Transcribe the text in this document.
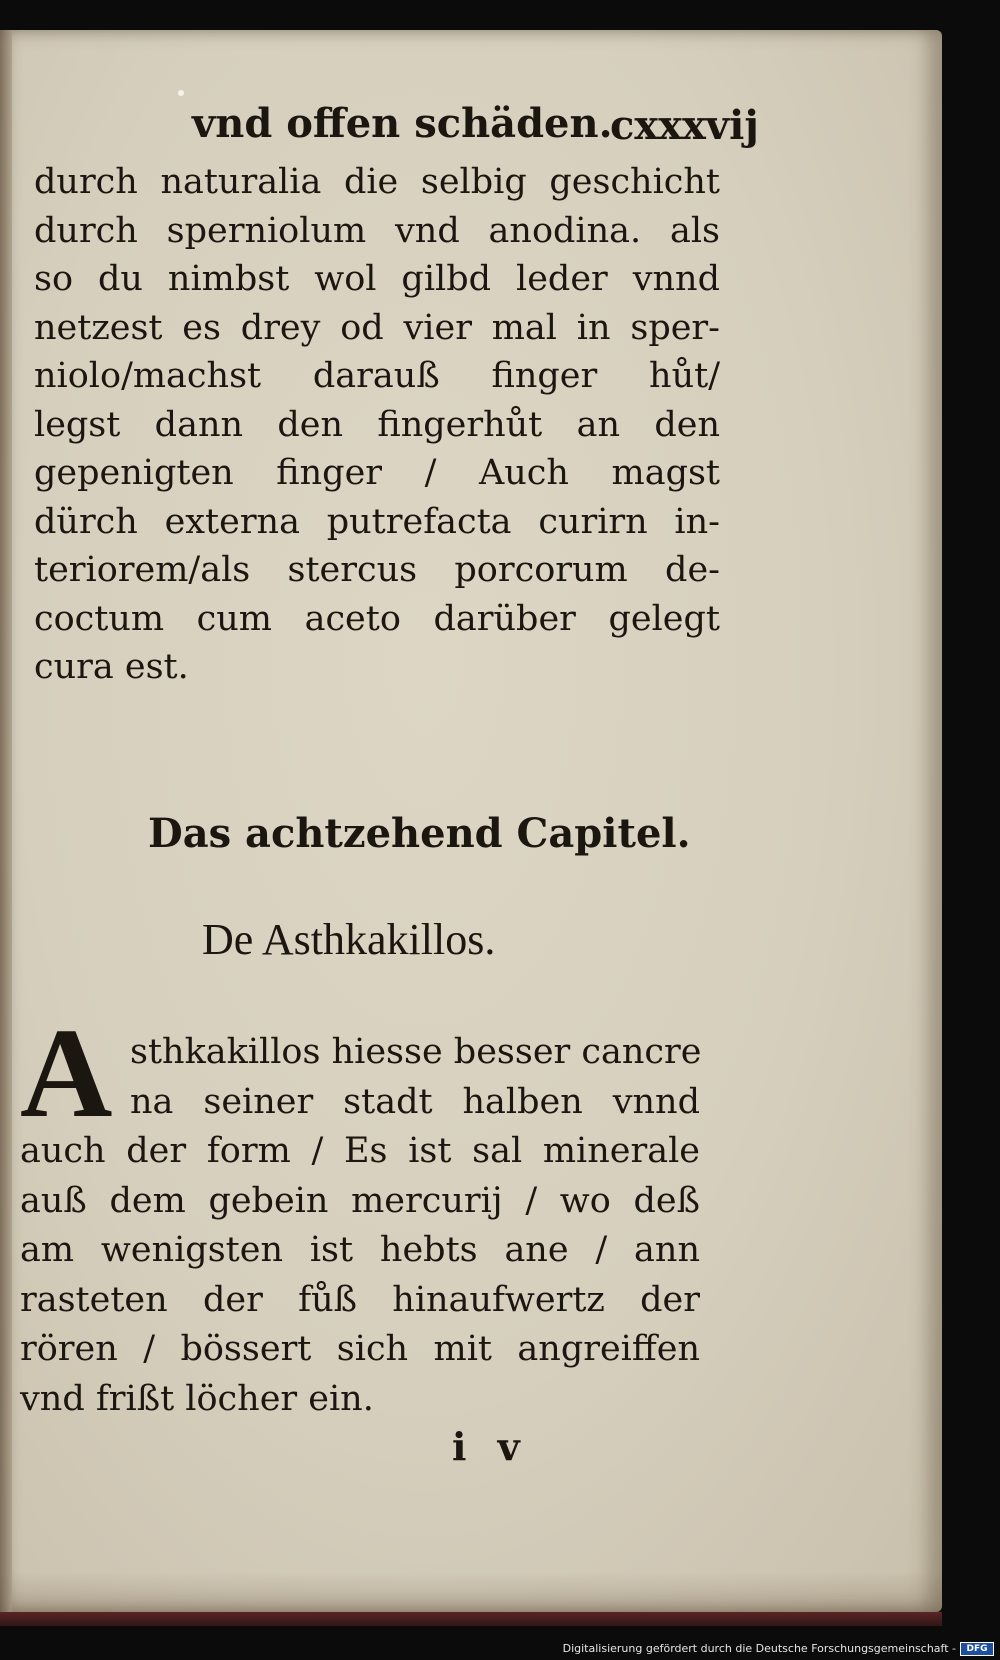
vnd offen schäden.
cxxxvij
durch naturalia die selbig geschicht
durch sperniolum vnd anodina. als
so du nimbst wol gilbd leder vnnd
netzest es drey od vier mal in sper-
niolo/machst darauß finger hůt/
legst dann den fingerhůt an den
gepenigten finger / Auch magst
dürch externa putrefacta curirn in-
teriorem/als stercus porcorum de-
coctum cum aceto darüber gelegt
cura est.
Das achtzehend Capitel.
De Asthkakillos.
A sthkakillos hiesse besser cancre
na seiner stadt halben vnnd
auch der form / Es ist sal minerale
auß dem gebein mercurij / wo deß
am wenigsten ist hebts ane / ann
rasteten der fůß hinaufwertz der
rören / bössert sich mit angreiffen
vnd frißt löcher ein.
i v
Digitalisierung gefördert durch die Deutsche Forschungsgemeinschaft -	DFG
